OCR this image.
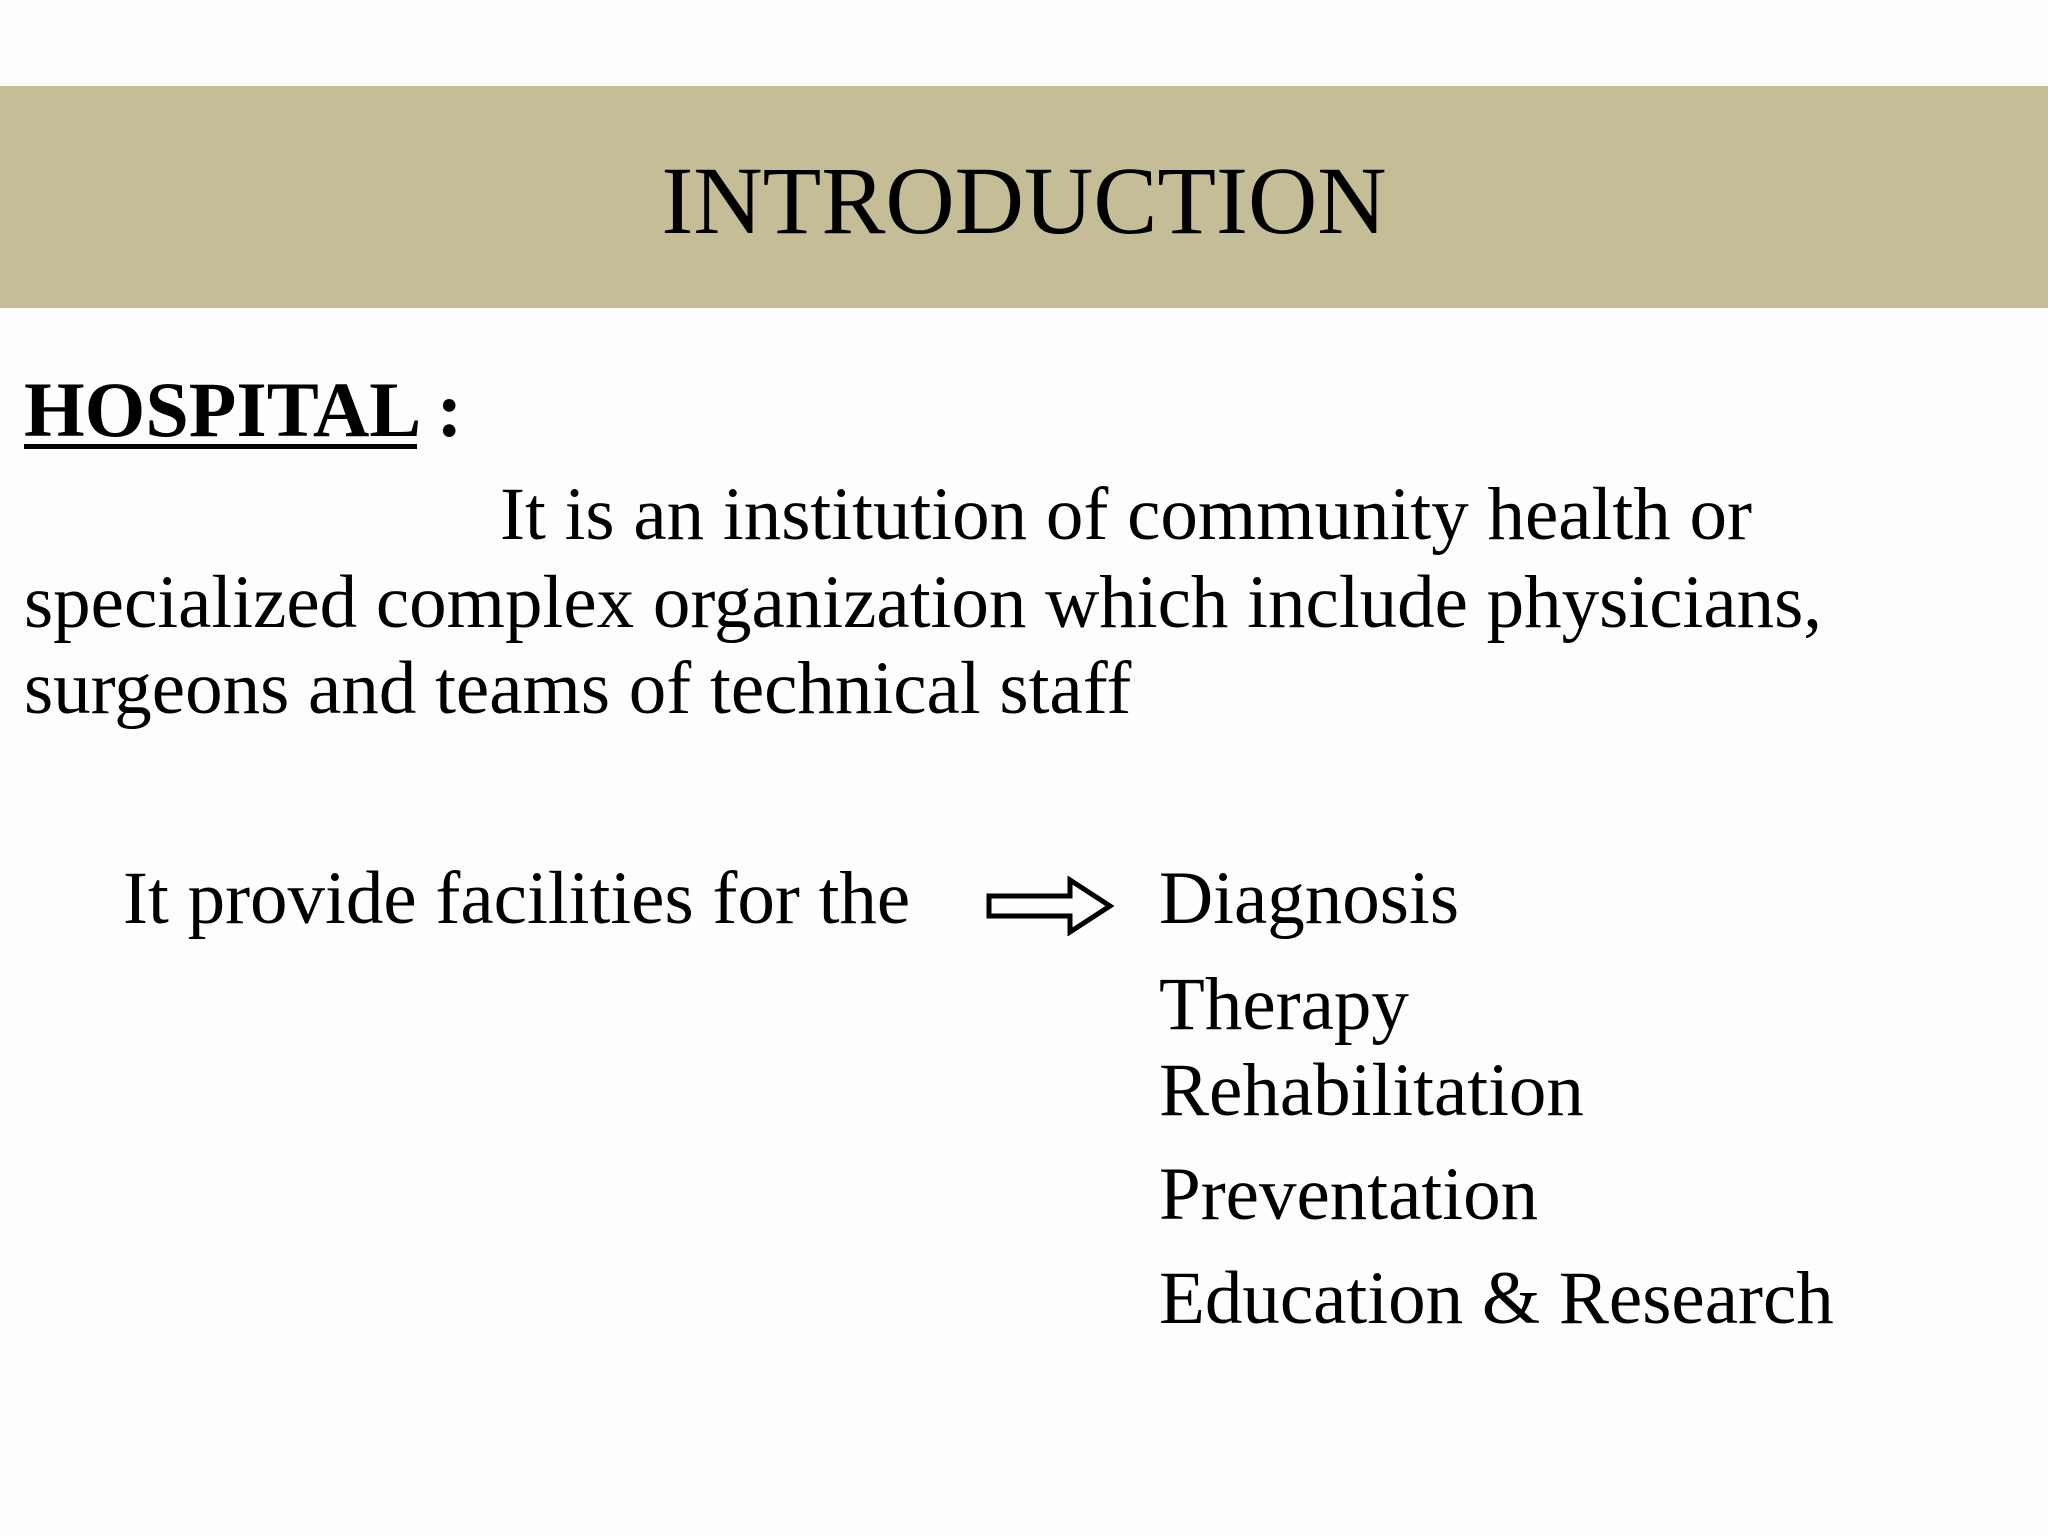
INTRODUCTION
HOSPITAL :
It is an institution of community health or
specialized complex organization which include physicians,
surgeons and teams of technical staff
It provide facilities for the	Diagnosis
Therapy
Rehabilitation
Preventation
Education & Research
